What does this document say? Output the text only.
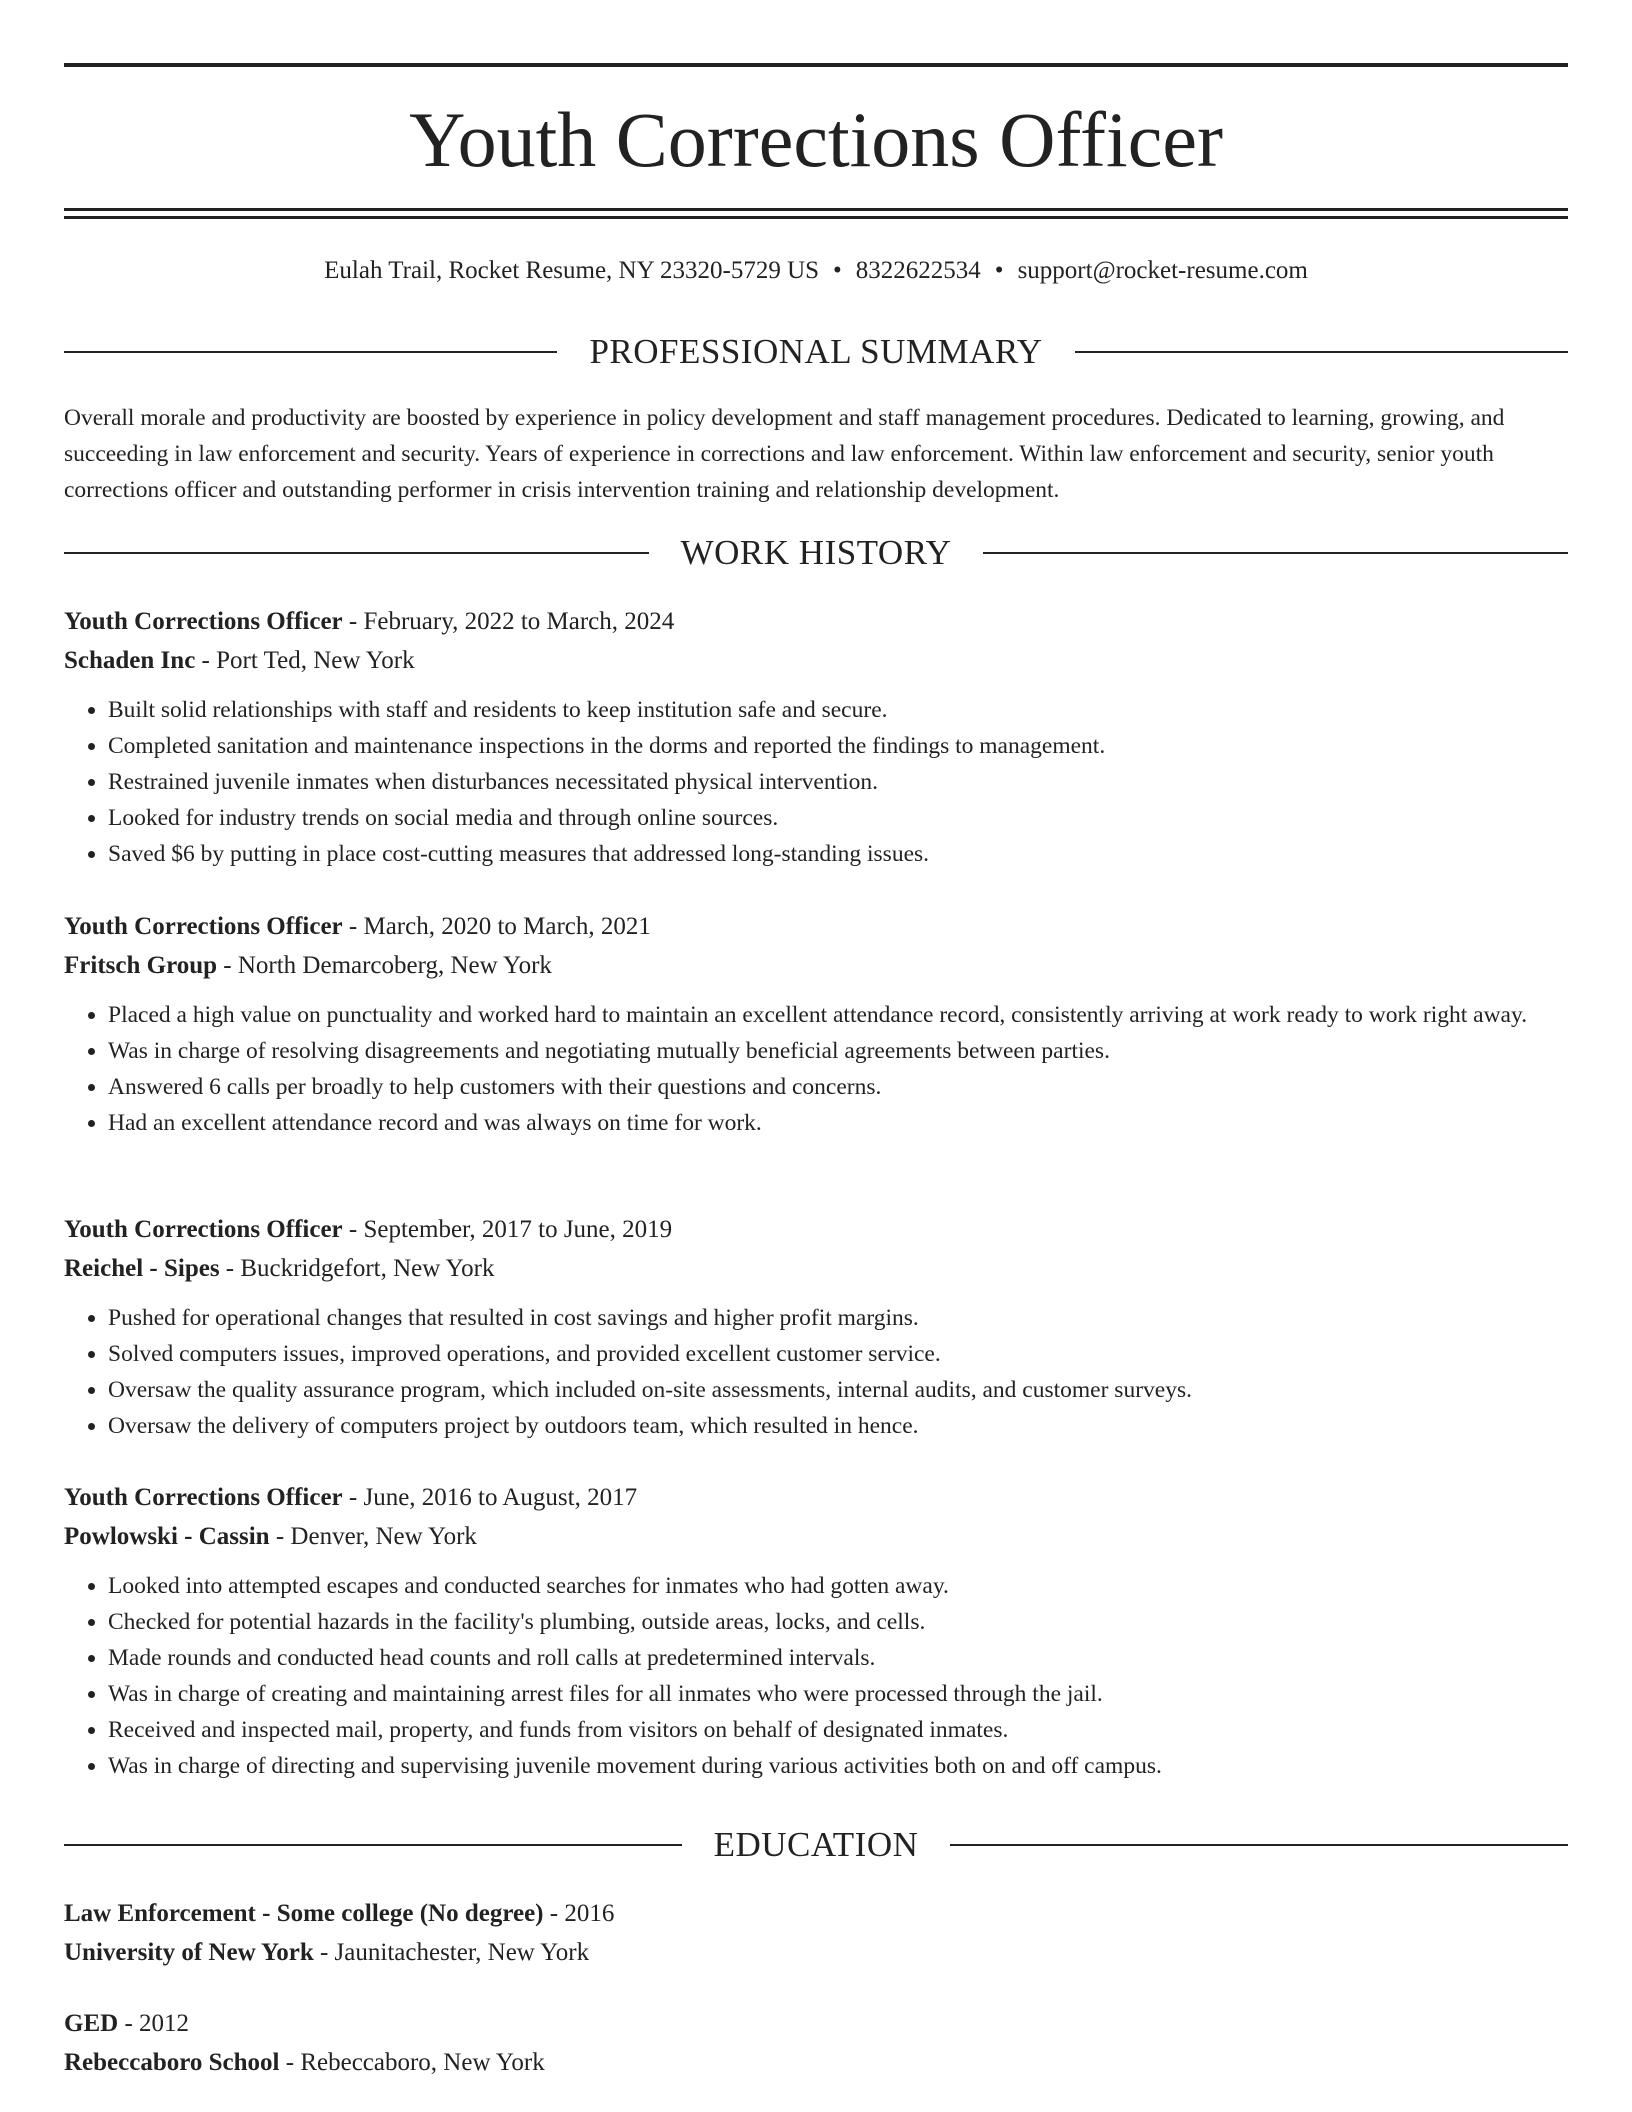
Youth Corrections Officer
Eulah Trail, Rocket Resume, NY 23320-5729 US • 8322622534 • support@rocket-resume.com
PROFESSIONAL SUMMARY
Overall morale and productivity are boosted by experience in policy development and staff management procedures. Dedicated to learning, growing, and succeeding in law enforcement and security. Years of experience in corrections and law enforcement. Within law enforcement and security, senior youth corrections officer and outstanding performer in crisis intervention training and relationship development.
WORK HISTORY
Youth Corrections Officer - February, 2022 to March, 2024
Schaden Inc - Port Ted, New York
• Built solid relationships with staff and residents to keep institution safe and secure.
• Completed sanitation and maintenance inspections in the dorms and reported the findings to management.
• Restrained juvenile inmates when disturbances necessitated physical intervention.
• Looked for industry trends on social media and through online sources.
• Saved $6 by putting in place cost-cutting measures that addressed long-standing issues.
Youth Corrections Officer - March, 2020 to March, 2021
Fritsch Group - North Demarcoberg, New York
• Placed a high value on punctuality and worked hard to maintain an excellent attendance record, consistently arriving at work ready to work right away.
• Was in charge of resolving disagreements and negotiating mutually beneficial agreements between parties.
• Answered 6 calls per broadly to help customers with their questions and concerns.
• Had an excellent attendance record and was always on time for work.
Youth Corrections Officer - September, 2017 to June, 2019
Reichel - Sipes - Buckridgefort, New York
• Pushed for operational changes that resulted in cost savings and higher profit margins.
• Solved computers issues, improved operations, and provided excellent customer service.
• Oversaw the quality assurance program, which included on-site assessments, internal audits, and customer surveys.
• Oversaw the delivery of computers project by outdoors team, which resulted in hence.
Youth Corrections Officer - June, 2016 to August, 2017
Powlowski - Cassin - Denver, New York
• Looked into attempted escapes and conducted searches for inmates who had gotten away.
• Checked for potential hazards in the facility's plumbing, outside areas, locks, and cells.
• Made rounds and conducted head counts and roll calls at predetermined intervals.
• Was in charge of creating and maintaining arrest files for all inmates who were processed through the jail.
• Received and inspected mail, property, and funds from visitors on behalf of designated inmates.
• Was in charge of directing and supervising juvenile movement during various activities both on and off campus.
EDUCATION
Law Enforcement - Some college (No degree) - 2016
University of New York - Jaunitachester, New York
GED - 2012
Rebeccaboro School - Rebeccaboro, New York
